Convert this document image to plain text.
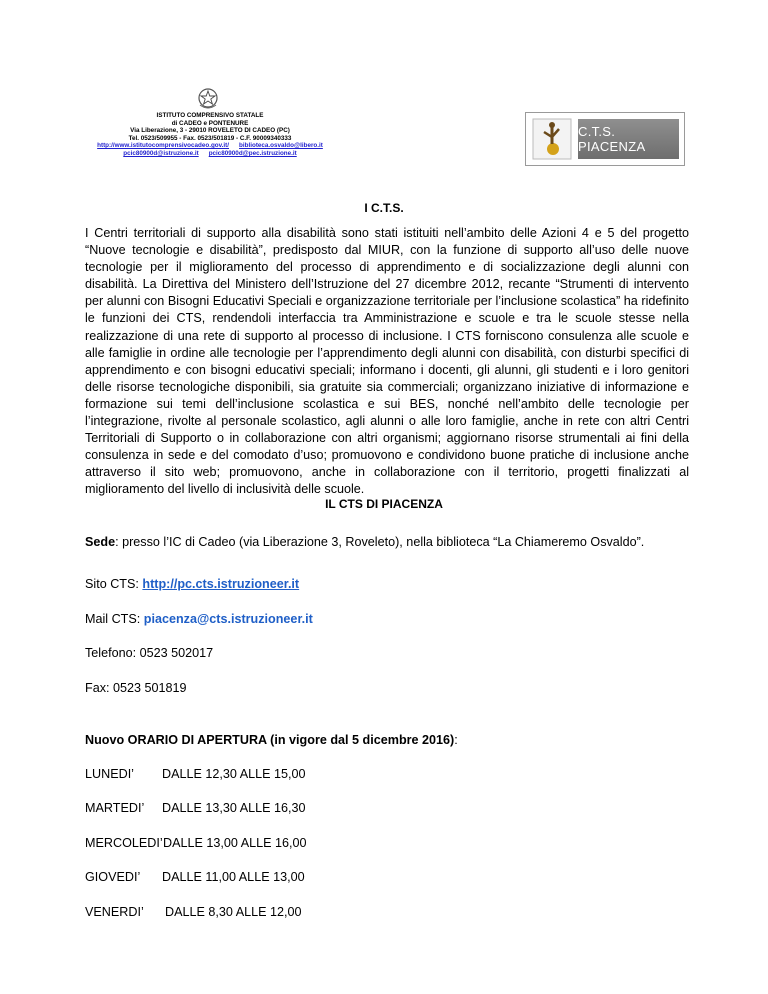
ISTITUTO COMPRENSIVO STATALE
di CADEO e PONTENURE
Via Liberazione, 3 - 29010 ROVELETO DI CADEO (PC)
Tel. 0523/509955 - Fax. 0523/501819 - C.F. 90009340333
http://www.istitutocomprensivocadeo.gov.it/ biblioteca.osvaldo@libero.it
pcic80900d@istruzione.it pcic80900d@pec.istruzione.it
C.T.S. PIACENZA
I C.T.S.

I Centri territoriali di supporto alla disabilità sono stati istituiti nell’ambito delle Azioni 4 e 5 del progetto “Nuove tecnologie e disabilità”, predisposto dal MIUR, con la funzione di supporto all’uso delle nuove tecnologie per il miglioramento del processo di apprendimento e di socializzazione degli alunni con disabilità. La Direttiva del Ministero dell’Istruzione del 27 dicembre 2012, recante “Strumenti di intervento per alunni con Bisogni Educativi Speciali e organizzazione territoriale per l’inclusione scolastica” ha ridefinito le funzioni dei CTS, rendendoli interfaccia tra Amministrazione e scuole e tra le scuole stesse nella realizzazione di una rete di supporto al processo di inclusione. I CTS forniscono consulenza alle scuole e alle famiglie in ordine alle tecnologie per l’apprendimento degli alunni con disabilità, con disturbi specifici di apprendimento e con bisogni educativi speciali; informano i docenti, gli alunni, gli studenti e i loro genitori delle risorse tecnologiche disponibili, sia gratuite sia commerciali; organizzano iniziative di informazione e formazione sui temi dell’inclusione scolastica e sui BES, nonché nell’ambito delle tecnologie per l’integrazione, rivolte al personale scolastico, agli alunni o alle loro famiglie, anche in rete con altri Centri Territoriali di Supporto o in collaborazione con altri organismi; aggiornano risorse strumentali ai fini della consulenza in sede e del comodato d’uso; promuovono e condividono buone pratiche di inclusione anche attraverso il sito web; promuovono, anche in collaborazione con il territorio, progetti finalizzati al miglioramento del livello di inclusività delle scuole.

IL CTS DI PIACENZA
Sede: presso l’IC di Cadeo (via Liberazione 3, Roveleto), nella biblioteca “La Chiameremo Osvaldo”.
Sito CTS: http://pc.cts.istruzioneer.it
Mail CTS: piacenza@cts.istruzioneer.it
Telefono: 0523 502017
Fax: 0523 501819
Nuovo ORARIO DI APERTURA (in vigore dal 5 dicembre 2016):
LUNEDI’ DALLE 12,30 ALLE 15,00
MARTEDI’ DALLE 13,30 ALLE 16,30
MERCOLEDI’ DALLE 13,00 ALLE 16,00
GIOVEDI’ DALLE 11,00 ALLE 13,00
VENERDI’ DALLE 8,30 ALLE 12,00
